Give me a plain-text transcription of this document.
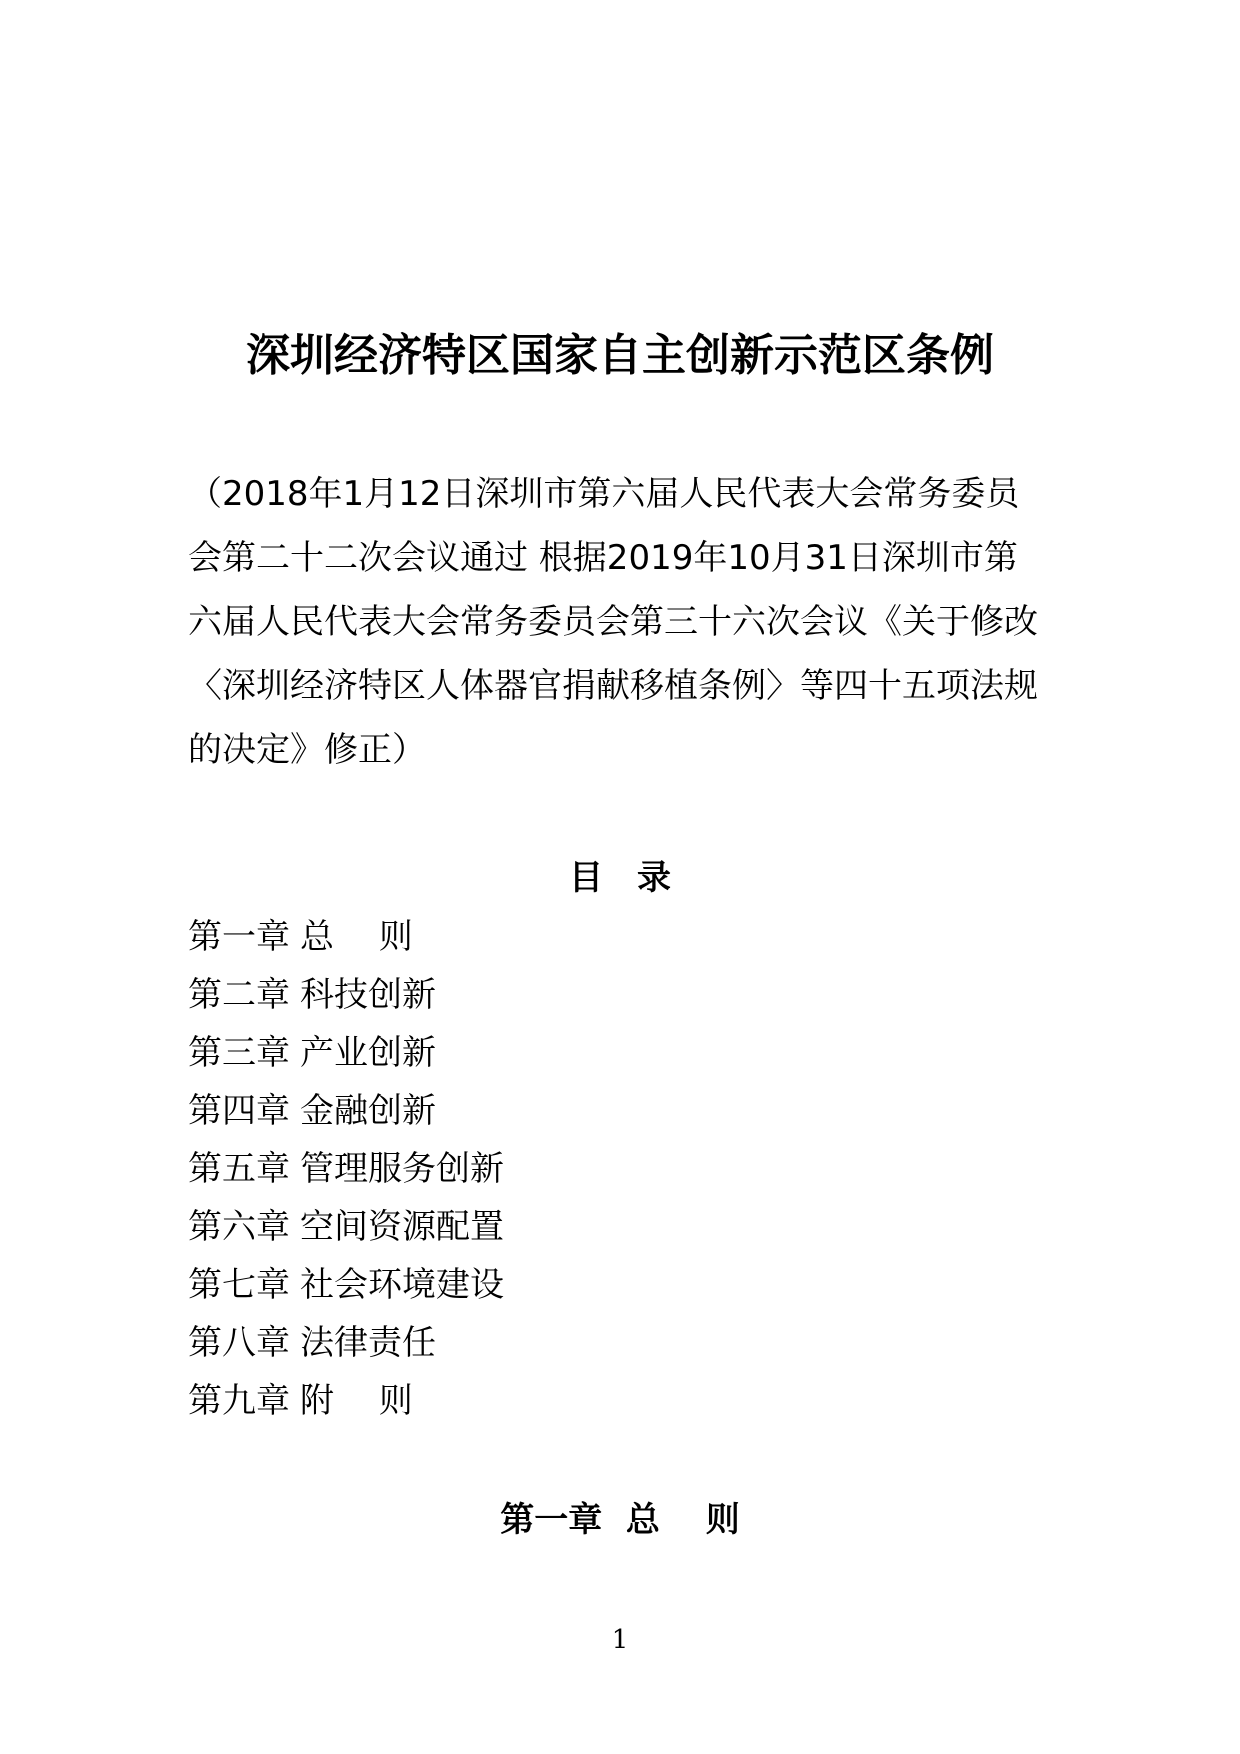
深圳经济特区国家自主创新示范区条例

（2018年1月12日深圳市第六届人民代表大会常务委员会第二十二次会议通过 根据2019年10月31日深圳市第六届人民代表大会常务委员会第三十六次会议《关于修改〈深圳经济特区人体器官捐献移植条例〉等四十五项法规的决定》修正）

目　录
第一章 总　 则
第二章 科技创新
第三章 产业创新
第四章 金融创新
第五章 管理服务创新
第六章 空间资源配置
第七章 社会环境建设
第八章 法律责任
第九章 附　 则
第一章  总　 则
1
